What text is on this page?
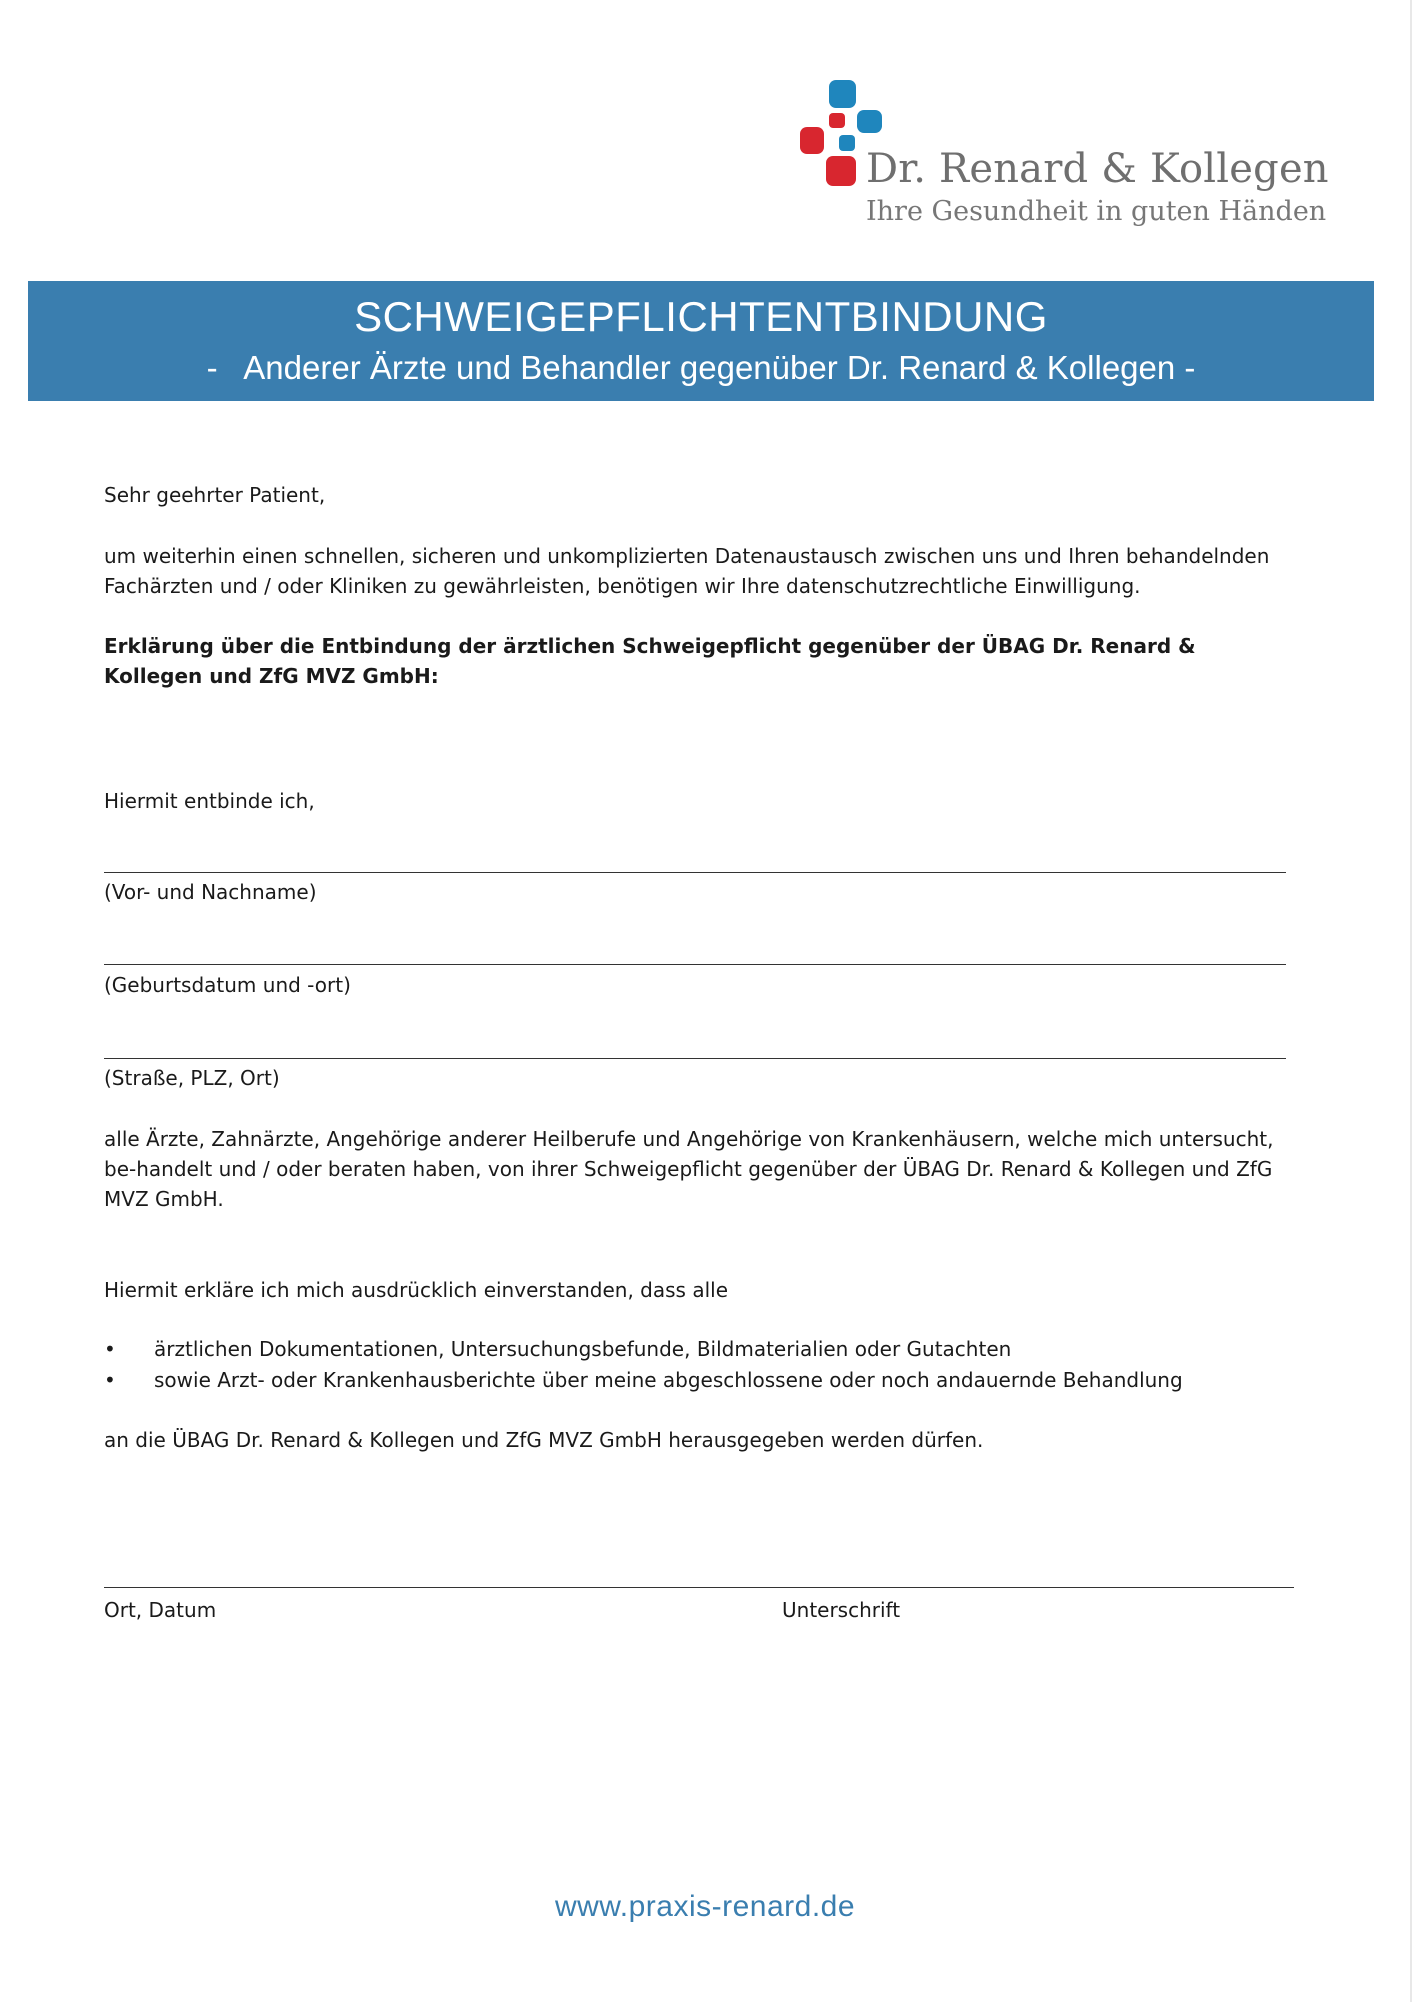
Dr. Renard & Kollegen
Ihre Gesundheit in guten Händen
SCHWEIGEPFLICHTENTBINDUNG
-   Anderer Ärzte und Behandler gegenüber Dr. Renard & Kollegen -
Sehr geehrter Patient,
um weiterhin einen schnellen, sicheren und unkomplizierten Datenaustausch zwischen uns und Ihren behandelnden Fachärzten und / oder Kliniken zu gewährleisten, benötigen wir Ihre datenschutzrechtliche Einwilligung.
Erklärung über die Entbindung der ärztlichen Schweigepflicht gegenüber der ÜBAG Dr. Renard & Kollegen und ZfG MVZ GmbH:
Hiermit entbinde ich,
(Vor- und Nachname)
(Geburtsdatum und -ort)
(Straße, PLZ, Ort)
alle Ärzte, Zahnärzte, Angehörige anderer Heilberufe und Angehörige von Krankenhäusern, welche mich untersucht, be-handelt und / oder beraten haben, von ihrer Schweigepflicht gegenüber der ÜBAG Dr. Renard & Kollegen und ZfG MVZ GmbH.
Hiermit erkläre ich mich ausdrücklich einverstanden, dass alle
• ärztlichen Dokumentationen, Untersuchungsbefunde, Bildmaterialien oder Gutachten
• sowie Arzt- oder Krankenhausberichte über meine abgeschlossene oder noch andauernde Behandlung
an die ÜBAG Dr. Renard & Kollegen und ZfG MVZ GmbH herausgegeben werden dürfen.
Ort, Datum	Unterschrift
www.praxis-renard.de
